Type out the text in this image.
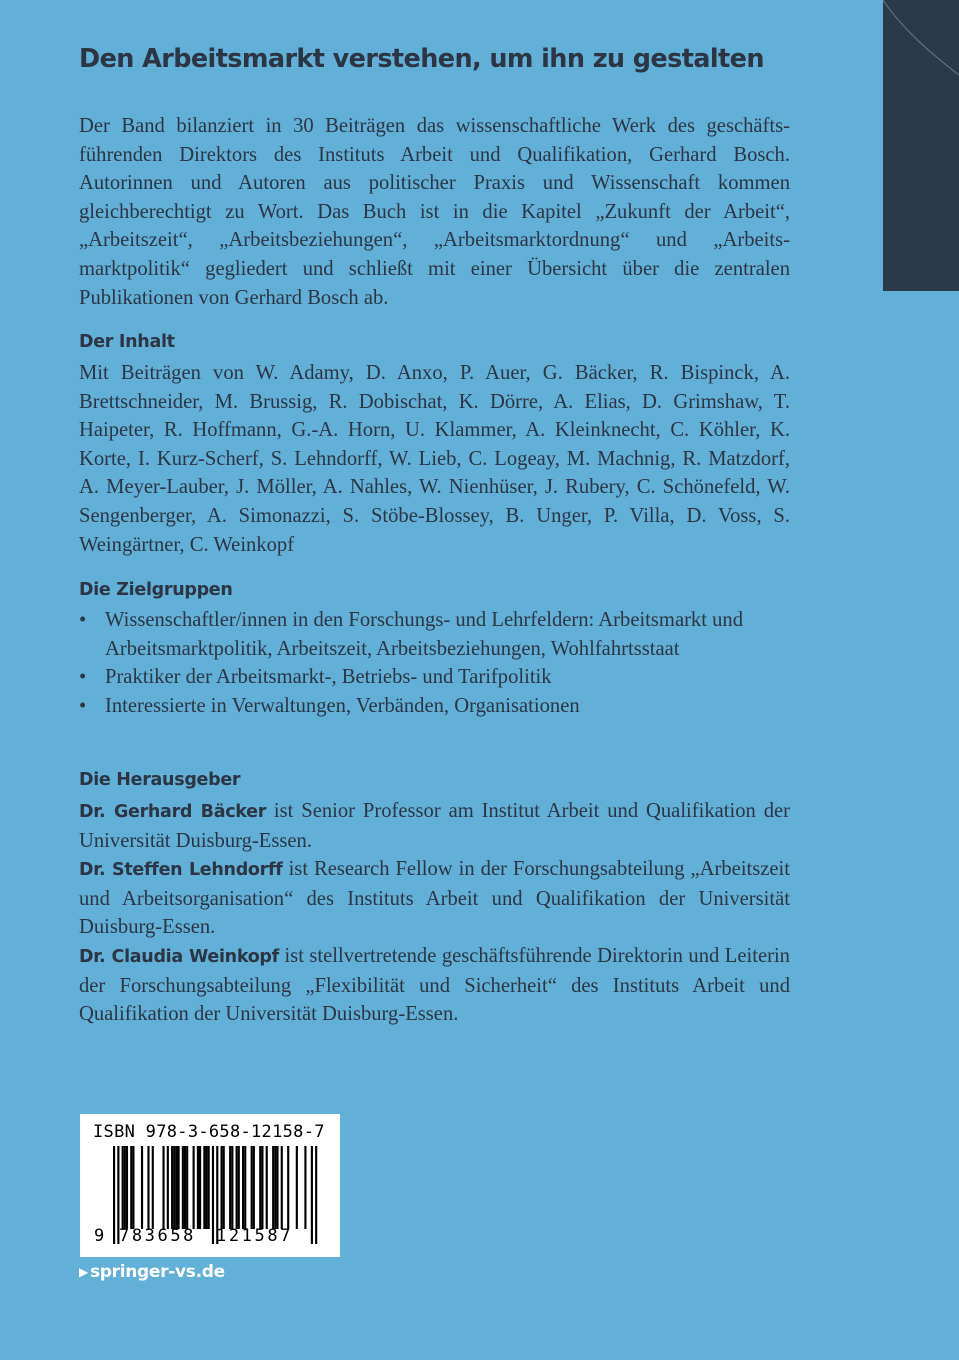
Den Arbeitsmarkt verstehen, um ihn zu gestalten

Der Band bilanziert in 30 Beiträgen das wissenschaftliche Werk des geschäftsführenden Direktors des Instituts Arbeit und Qualifikation, Gerhard Bosch. Autorinnen und Autoren aus politischer Praxis und Wissenschaft kommen gleichberechtigt zu Wort. Das Buch ist in die Kapitel „Zukunft der Arbeit“, „Arbeitszeit“, „Arbeitsbeziehungen“, „Arbeitsmarktordnung“ und „Arbeitsmarktpolitik“ gegliedert und schließt mit einer Übersicht über die zentralen Publikationen von Gerhard Bosch ab.

Der Inhalt

Mit Beiträgen von W. Adamy, D. Anxo, P. Auer, G. Bäcker, R. Bispinck, A. Brettschneider, M. Brussig, R. Dobischat, K. Dörre, A. Elias, D. Grimshaw, T. Haipeter, R. Hoffmann, G.-A. Horn, U. Klammer, A. Kleinknecht, C. Köhler, K. Korte, I. Kurz-Scherf, S. Lehndorff, W. Lieb, C. Logeay, M. Machnig, R. Matzdorf, A. Meyer-Lauber, J. Möller, A. Nahles, W. Nienhüser, J. Rubery, C. Schönefeld, W. Sengenberger, A. Simonazzi, S. Stöbe-Blossey, B. Unger, P. Villa, D. Voss, S. Weingärtner, C. Weinkopf

Die Zielgruppen
• Wissenschaftler/innen in den Forschungs- und Lehrfeldern: Arbeitsmarkt und Arbeitsmarktpolitik, Arbeitszeit, Arbeitsbeziehungen, Wohlfahrtsstaat
• Praktiker der Arbeitsmarkt-, Betriebs- und Tarifpolitik
• Interessierte in Verwaltungen, Verbänden, Organisationen
Die Herausgeber
Dr. Gerhard Bäcker ist Senior Professor am Institut Arbeit und Qualifikation der Universität Duisburg-Essen.
Dr. Steffen Lehndorff ist Research Fellow in der Forschungsabteilung „Arbeitszeit und Arbeitsorganisation“ des Instituts Arbeit und Qualifikation der Universität Duisburg-Essen.
Dr. Claudia Weinkopf ist stellvertretende geschäftsführende Direktorin und Leiterin der Forschungsabteilung „Flexibilität und Sicherheit“ des Instituts Arbeit und Qualifikation der Universität Duisburg-Essen.
ISBN 978-3-658-12158-7
9 783658 121587
▶ springer-vs.de
